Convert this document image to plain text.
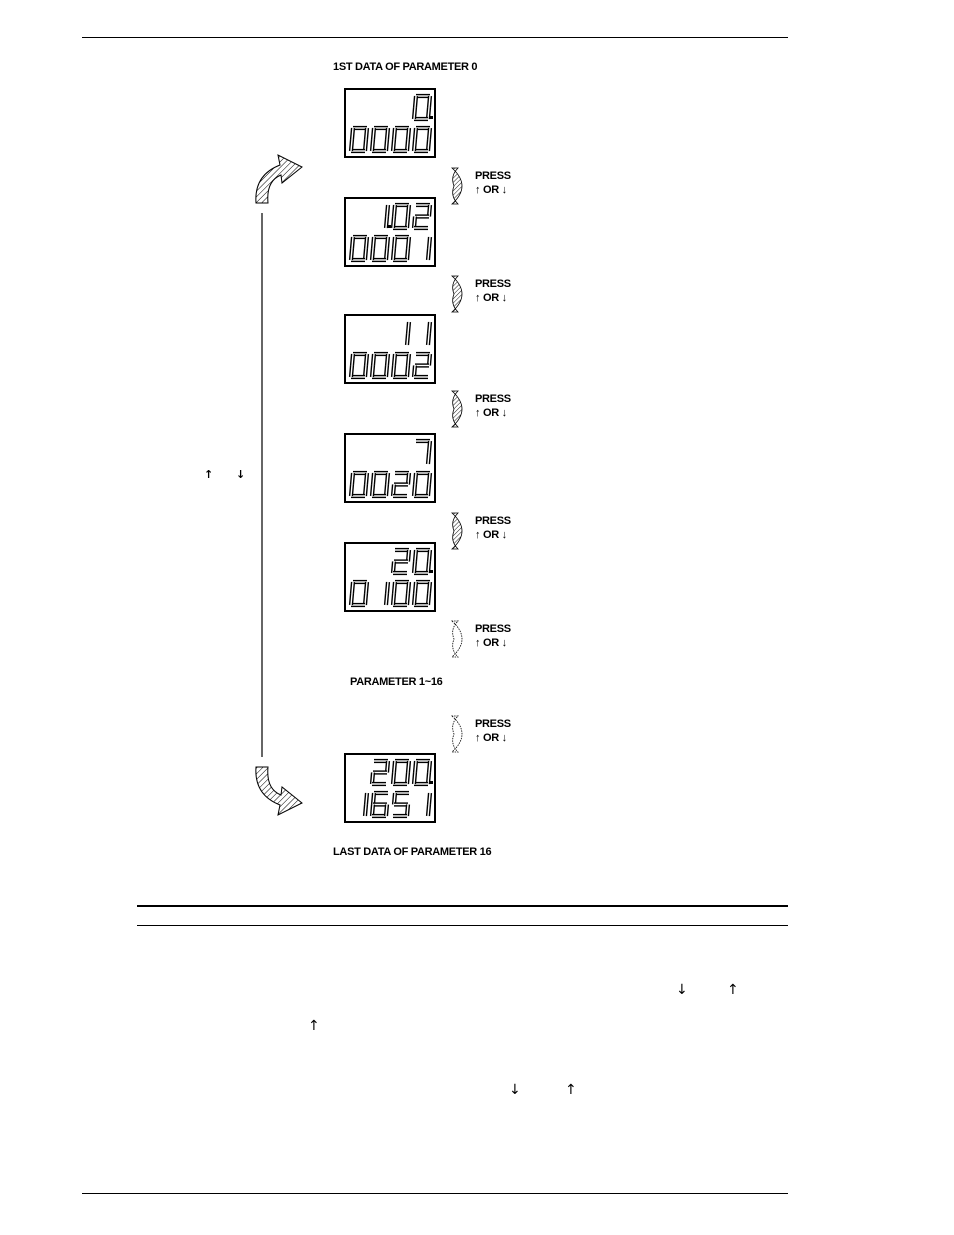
1ST DATA OF PARAMETER 0
↑ ↓
PRESS
↑ OR ↓
PRESS
↑ OR ↓
PRESS
↑ OR ↓
PRESS
↑ OR ↓
PRESS
↑ OR ↓
PRESS
↑ OR ↓
PARAMETER 1~16
LAST DATA OF PARAMETER 16
↓	↑
↑
↓	↑
